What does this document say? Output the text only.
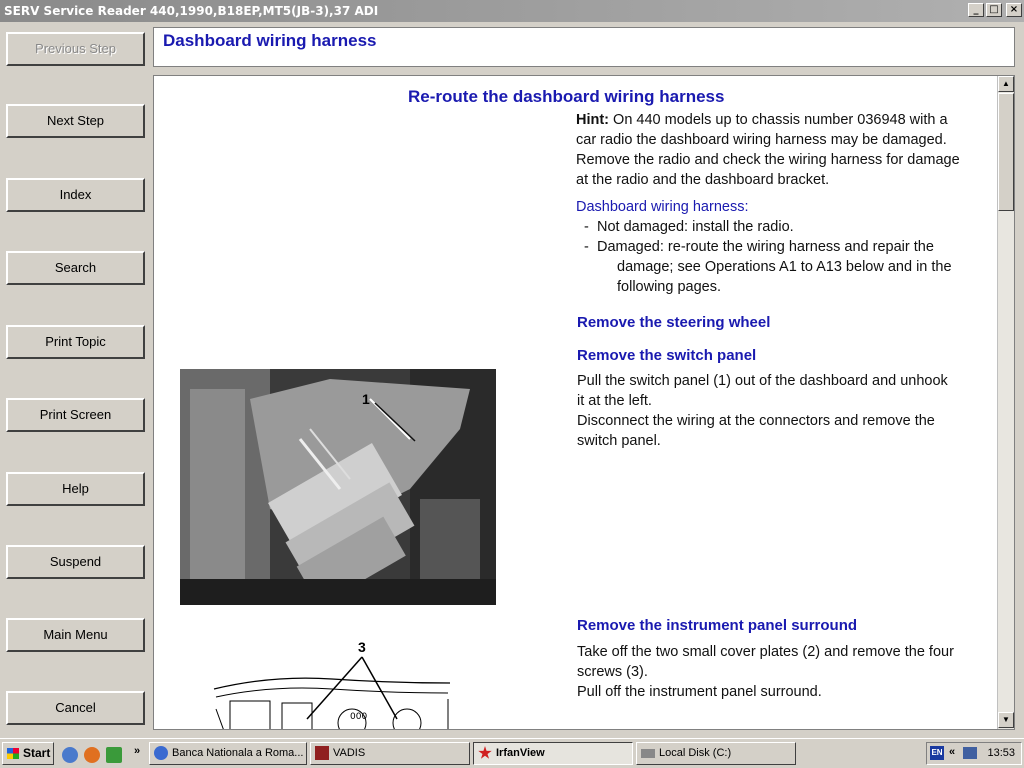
SERV Service Reader 440,1990,B18EP,MT5(JB-3),37 ADI	_	□	×
Previous Step
Next Step
Index
Search
Print Topic
Print Screen
Help
Suspend
Main Menu
Cancel
Dashboard wiring harness
Re-route the dashboard wiring harness
Hint: On 440 models up to chassis number 036948 with a
car radio the dashboard wiring harness may be damaged.
Remove the radio and check the wiring harness for damage
at the radio and the dashboard bracket.
Dashboard wiring harness:
- Not damaged: install the radio.
- Damaged: re-route the wiring harness and repair the
damage; see Operations A1 to A13 below and in the
following pages.
Remove the steering wheel
Remove the switch panel
Pull the switch panel (1) out of the dashboard and unhook
it at the left.
Disconnect the wiring at the connectors and remove the
switch panel.
1
Remove the instrument panel surround
Take off the two small cover plates (2) and remove the four
screws (3).
Pull off the instrument panel surround.
000
3
▲
▼
Start	»	Banca Nationala a Roma...	VADIS	IrfanView	Local Disk (C:)	EN «	13:53
